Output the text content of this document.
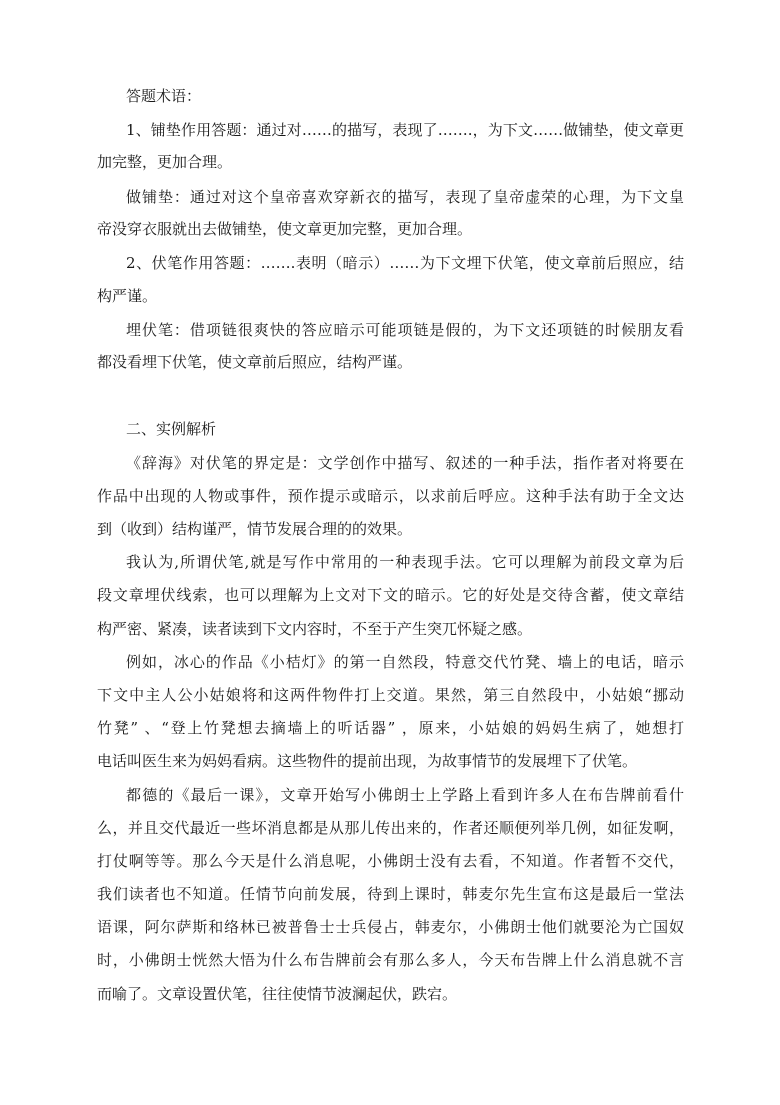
答题术语：
1、铺垫作用答题：通过对……的描写，表现了…….，为下文……做铺垫，使文章更
加完整，更加合理。
做铺垫：通过对这个皇帝喜欢穿新衣的描写，表现了皇帝虚荣的心理，为下文皇
帝没穿衣服就出去做铺垫，使文章更加完整，更加合理。
2、伏笔作用答题：…….表明（暗示）……为下文埋下伏笔，使文章前后照应，结
构严谨。
埋伏笔：借项链很爽快的答应暗示可能项链是假的，为下文还项链的时候朋友看
都没看埋下伏笔，使文章前后照应，结构严谨。
二、实例解析
《辞海》对伏笔的界定是：文学创作中描写、叙述的一种手法，指作者对将要在
作品中出现的人物或事件，预作提示或暗示，以求前后呼应。这种手法有助于全文达
到（收到）结构谨严，情节发展合理的的效果。
我认为,所谓伏笔,就是写作中常用的一种表现手法。它可以理解为前段文章为后
段文章埋伏线索，也可以理解为上文对下文的暗示。它的好处是交待含蓄，使文章结
构严密、紧凑，读者读到下文内容时，不至于产生突兀怀疑之感。
例如，冰心的作品《小桔灯》的第一自然段，特意交代竹凳、墙上的电话，暗示
下文中主人公小姑娘将和这两件物件打上交道。果然，第三自然段中，小姑娘“挪动
竹凳” 、“登上竹凳想去摘墙上的听话器” ，原来，小姑娘的妈妈生病了，她想打
电话叫医生来为妈妈看病。这些物件的提前出现，为故事情节的发展埋下了伏笔。
都德的《最后一课》，文章开始写小佛朗士上学路上看到许多人在布告牌前看什
么，并且交代最近一些坏消息都是从那儿传出来的，作者还顺便列举几例，如征发啊，
打仗啊等等。那么今天是什么消息呢，小佛朗士没有去看，不知道。作者暂不交代，
我们读者也不知道。任情节向前发展，待到上课时，韩麦尔先生宣布这是最后一堂法
语课，阿尔萨斯和络林已被普鲁士士兵侵占，韩麦尔，小佛朗士他们就要沦为亡国奴
时，小佛朗士恍然大悟为什么布告牌前会有那么多人，今天布告牌上什么消息就不言
而喻了。文章设置伏笔，往往使情节波澜起伏，跌宕。
